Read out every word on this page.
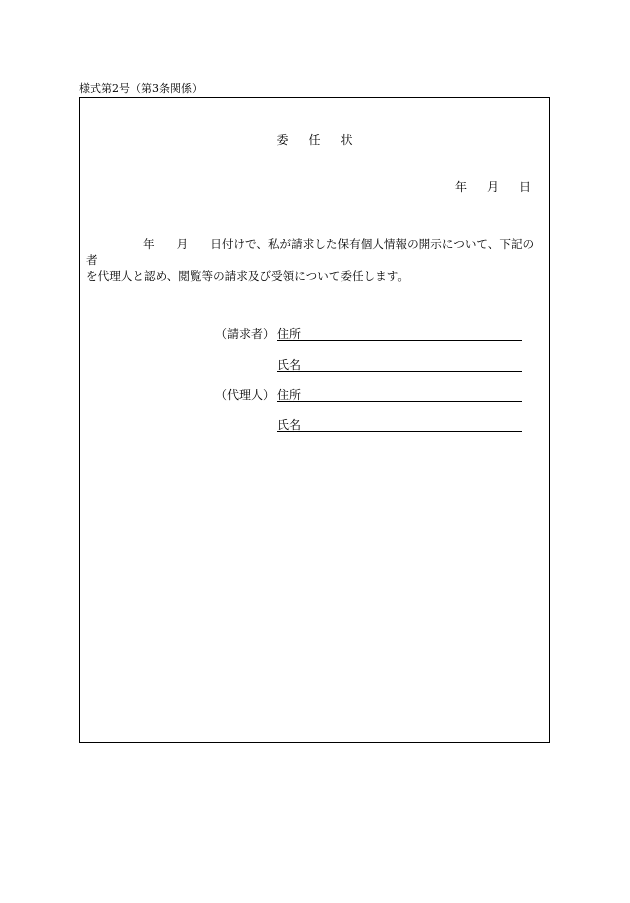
様式第2号（第3条関係）
委 任 状
年 月 日
年 月 日付けで、私が請求した保有個人情報の開示について、下記の者
を代理人と認め、閲覧等の請求及び受領について委任します。
（請求者） 住所
氏名
（代理人） 住所
氏名
